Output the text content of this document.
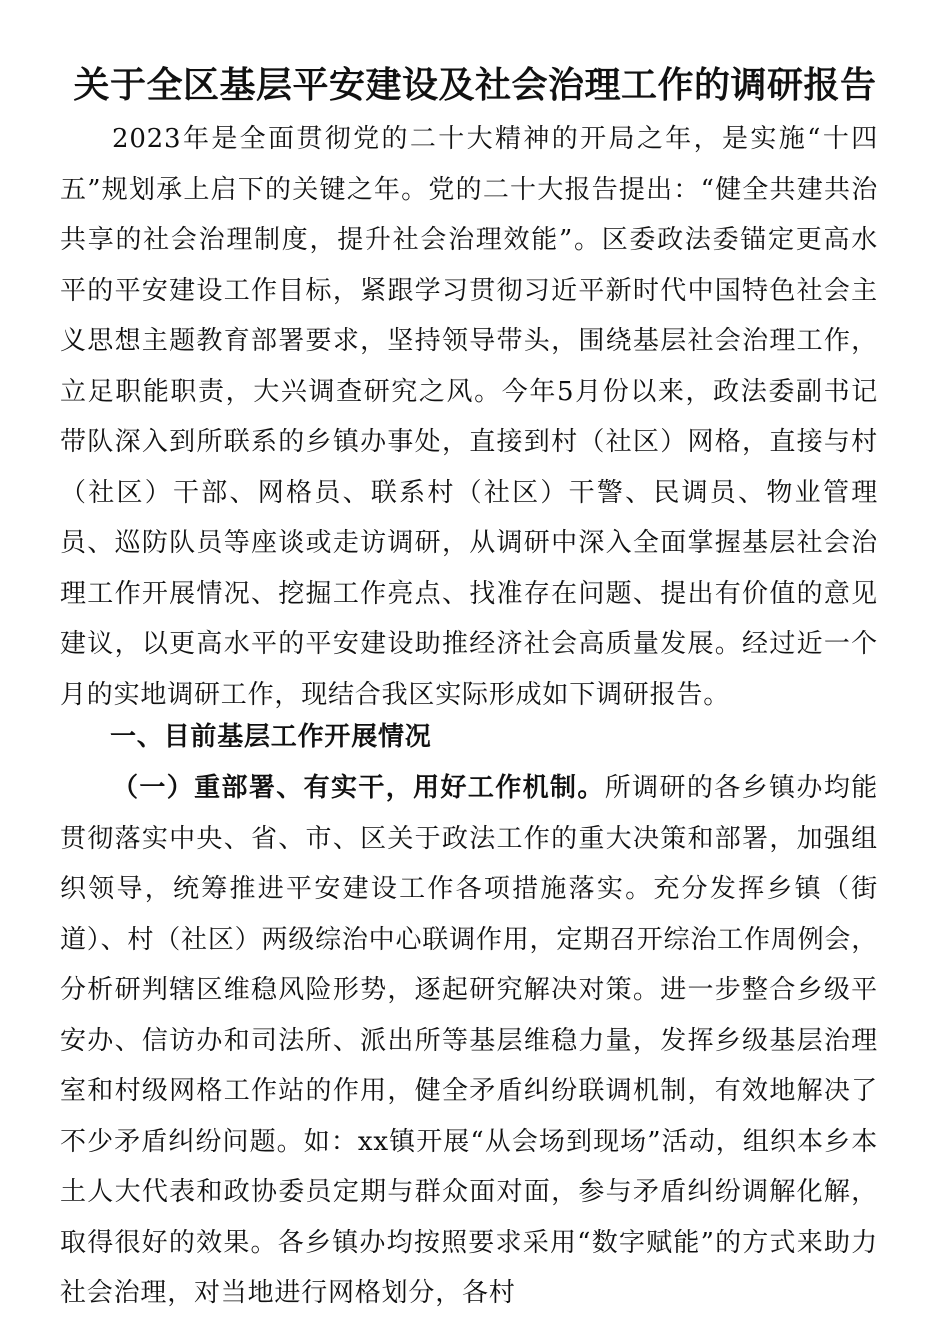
关于全区基层平安建设及社会治理工作的调研报告

2023年是全面贯彻党的二十大精神的开局之年，是实施“十四五”规划承上启下的关键之年。党的二十大报告提出：“健全共建共治共享的社会治理制度，提升社会治理效能”。区委政法委锚定更高水平的平安建设工作目标，紧跟学习贯彻习近平新时代中国特色社会主义思想主题教育部署要求，坚持领导带头，围绕基层社会治理工作，立足职能职责，大兴调查研究之风。今年5月份以来，政法委副书记带队深入到所联系的乡镇办事处，直接到村（社区）网格，直接与村（社区）干部、网格员、联系村（社区）干警、民调员、物业管理员、巡防队员等座谈或走访调研，从调研中深入全面掌握基层社会治理工作开展情况、挖掘工作亮点、找准存在问题、提出有价值的意见建议，以更高水平的平安建设助推经济社会高质量发展。经过近一个月的实地调研工作，现结合我区实际形成如下调研报告。

一、目前基层工作开展情况

（一）重部署、有实干，用好工作机制。所调研的各乡镇办均能贯彻落实中央、省、市、区关于政法工作的重大决策和部署，加强组织领导，统筹推进平安建设工作各项措施落实。充分发挥乡镇（街道）、村（社区）两级综治中心联调作用，定期召开综治工作周例会，分析研判辖区维稳风险形势，逐起研究解决对策。进一步整合乡级平安办、信访办和司法所、派出所等基层维稳力量，发挥乡级基层治理室和村级网格工作站的作用，健全矛盾纠纷联调机制，有效地解决了不少矛盾纠纷问题。如：xx镇开展“从会场到现场”活动，组织本乡本土人大代表和政协委员定期与群众面对面，参与矛盾纠纷调解化解，取得很好的效果。各乡镇办均按照要求采用“数字赋能”的方式来助力社会治理，对当地进行网格划分，各村
